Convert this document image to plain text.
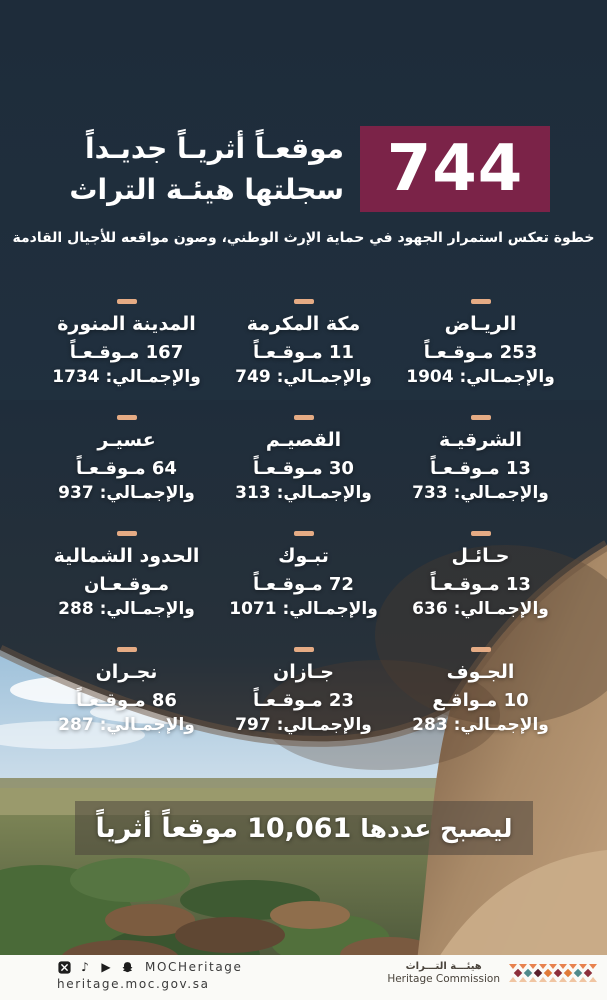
744
موقعـاً أثريـاً جديـداً
سجلتها هيئـة التراث
خطوة تعكس استمرار الجهود في حماية الإرث الوطني، وصون مواقعه للأجيال القادمة
الريـاض
253 مـوقـعـاً
والإجمـالي: 1904
مكة المكرمة
11 مـوقـعـاً
والإجمـالي: 749
المدينة المنورة
167 مـوقـعـاً
والإجمـالي: 1734
الشرقيـة
13 مـوقـعـاً
والإجمـالي: 733
القصيـم
30 مـوقـعـاً
والإجمـالي: 313
عسيـر
64 مـوقـعـاً
والإجمـالي: 937
حـائـل
13 مـوقـعـاً
والإجمـالي: 636
تبـوك
72 مـوقـعـاً
والإجمـالي: 1071
الحدود الشمالية
مـوقـعـان
والإجمـالي: 288
الجـوف
10 مـواقـع
والإجمـالي: 283
جـازان
23 مـوقـعـاً
والإجمـالي: 797
نجـران
86 مـوقـعـاً
والإجمـالي: 287
ليصبح عددها
10,061
موقعاً أثرياً
♪ ▶	MOCHeritage
heritage.moc.gov.sa
هيئـــة التـــراث
Heritage Commission
